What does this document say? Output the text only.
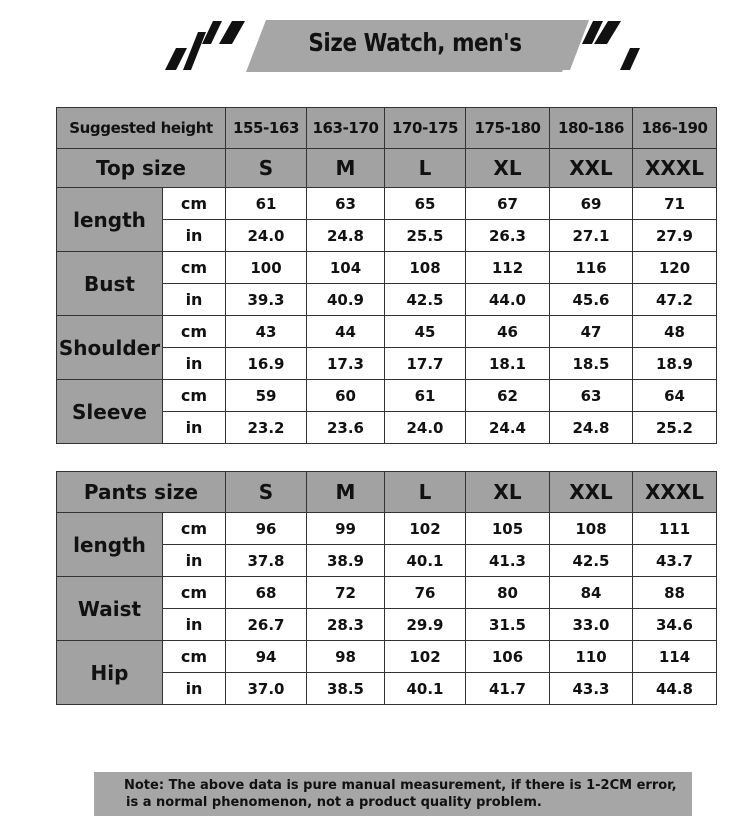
Size Watch, men's
Suggested height		155-163	163-170	170-175	175-180	180-186	186-190
Top size		S	M	L	XL	XXL	XXXL
length	cm	61	63	65	67	69	71
	in	24.0	24.8	25.5	26.3	27.1	27.9
Bust	cm	100	104	108	112	116	120
	in	39.3	40.9	42.5	44.0	45.6	47.2
Shoulder	cm	43	44	45	46	47	48
	in	16.9	17.3	17.7	18.1	18.5	18.9
Sleeve	cm	59	60	61	62	63	64
	in	23.2	23.6	24.0	24.4	24.8	25.2
Pants size		S	M	L	XL	XXL	XXXL
length	cm	96	99	102	105	108	111
	in	37.8	38.9	40.1	41.3	42.5	43.7
Waist	cm	68	72	76	80	84	88
	in	26.7	28.3	29.9	31.5	33.0	34.6
Hip	cm	94	98	102	106	110	114
	in	37.0	38.5	40.1	41.7	43.3	44.8
Note: The above data is pure manual measurement, if there is 1-2CM error,
is a normal phenomenon, not a product quality problem.
